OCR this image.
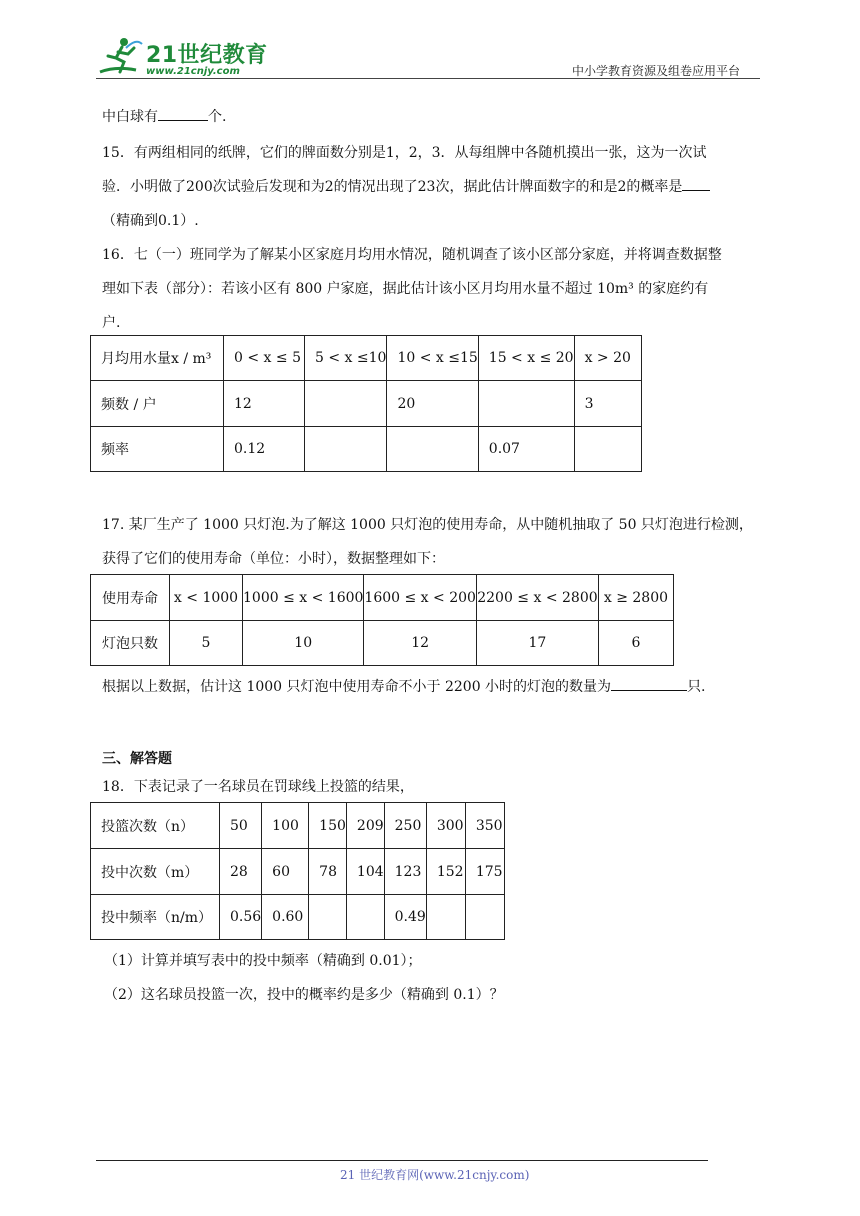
21世纪教育
www.21cnjy.com	中小学教育资源及组卷应用平台
中白球有	个.
15．有两组相同的纸牌，它们的牌面数分别是1，2，3．从每组牌中各随机摸出一张，这为一次试
验．小明做了200次试验后发现和为2的情况出现了23次，据此估计牌面数字的和是2的概率是
（精确到0.1）.
16．七（一）班同学为了解某小区家庭月均用水情况，随机调查了该小区部分家庭，并将调查数据整
理如下表（部分）：若该小区有 800 户家庭，据此估计该小区月均用水量不超过 10m³ 的家庭约有
户.
月均用水量x / m³	0 < x ≤ 5	5 < x ≤10	10 < x ≤15	15 < x ≤ 20	x > 20
频数 / 户	12		20		3
频率	0.12			0.07	
17. 某厂生产了 1000 只灯泡.为了解这 1000 只灯泡的使用寿命，从中随机抽取了 50 只灯泡进行检测，
获得了它们的使用寿命（单位：小时），数据整理如下：
使用寿命	x < 1000	1000 ≤ x < 1600	1600 ≤ x < 200	2200 ≤ x < 2800	x ≥ 2800
灯泡只数	5	10	12	17	6
根据以上数据，估计这 1000 只灯泡中使用寿命不小于 2200 小时的灯泡的数量为	只.
三、解答题
18．下表记录了一名球员在罚球线上投篮的结果，
投篮次数（n）	50	100	150	209	250	300	350
投中次数（m）	28	60	78	104	123	152	175
投中频率（n/m）	0.56	0.60			0.49		
（1）计算并填写表中的投中频率（精确到 0.01）；
（2）这名球员投篮一次，投中的概率约是多少（精确到 0.1）？
21 世纪教育网(www.21cnjy.com)
